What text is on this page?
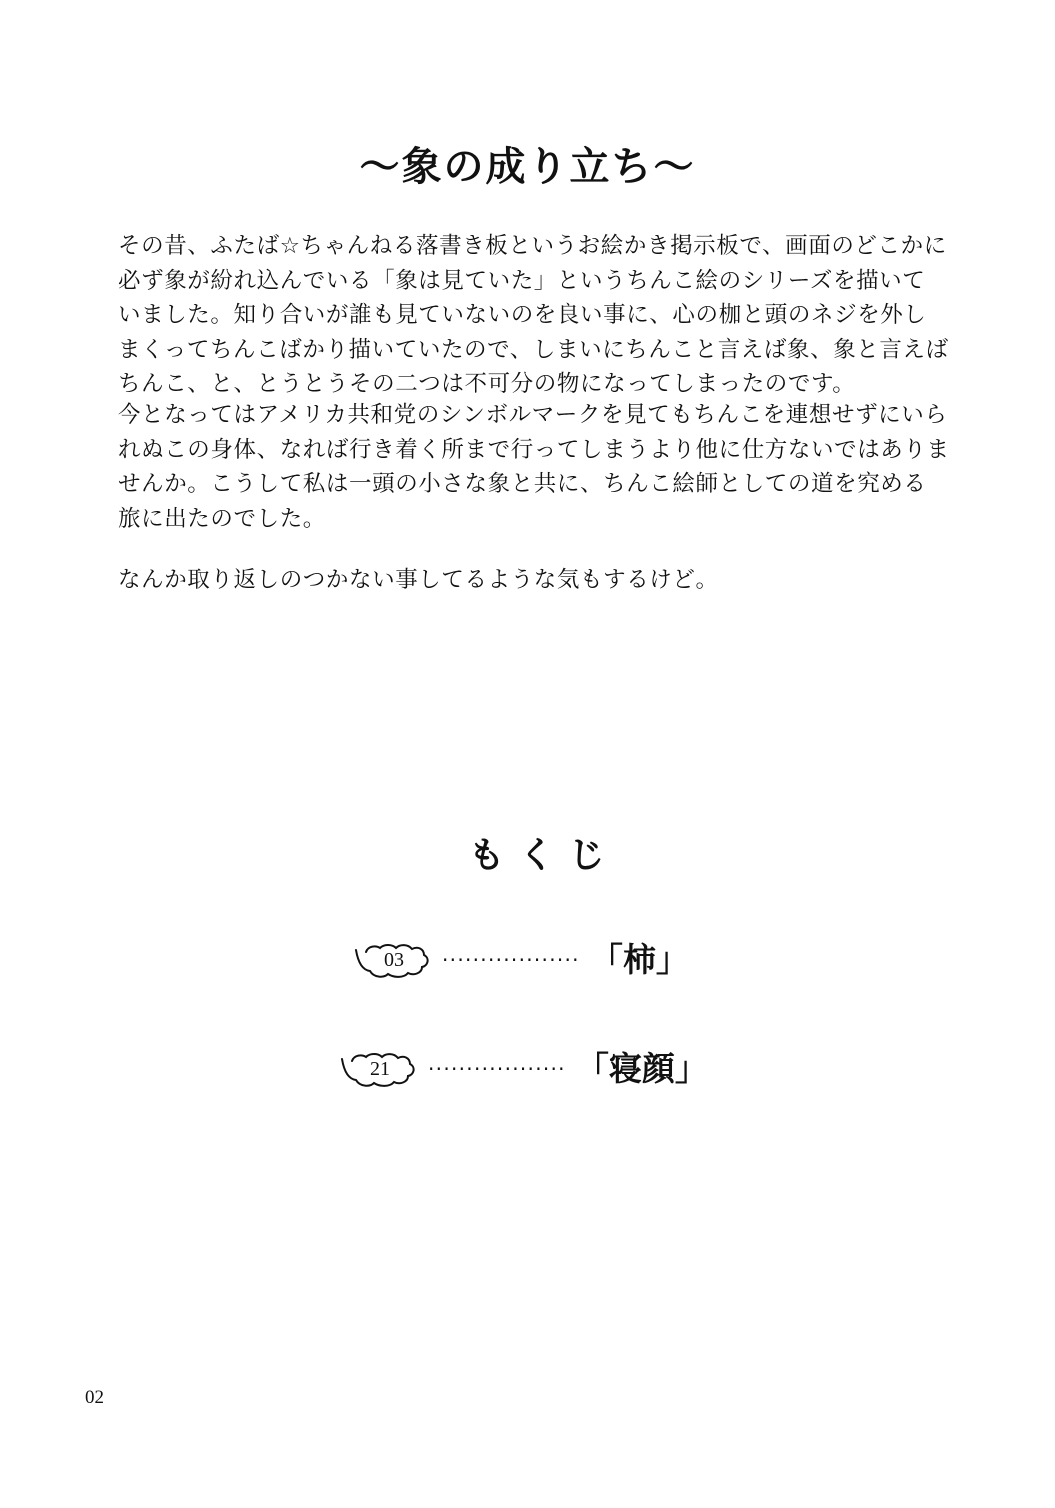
〜象の成り立ち〜

その昔、ふたば☆ちゃんねる落書き板というお絵かき掲示板で、画面のどこかに
必ず象が紛れ込んでいる「象は見ていた」というちんこ絵のシリーズを描いて
いました。知り合いが誰も見ていないのを良い事に、心の枷と頭のネジを外し
まくってちんこばかり描いていたので、しまいにちんこと言えば象、象と言えば
ちんこ、と、とうとうその二つは不可分の物になってしまったのです。

今となってはアメリカ共和党のシンボルマークを見てもちんこを連想せずにいら
れぬこの身体、なれば行き着く所まで行ってしまうより他に仕方ないではありま
せんか。こうして私は一頭の小さな象と共に、ちんこ絵師としての道を究める
旅に出たのでした。

なんか取り返しのつかない事してるような気もするけど。

もくじ
03	·················· 「柿」
21	·················· 「寝顔」
02
